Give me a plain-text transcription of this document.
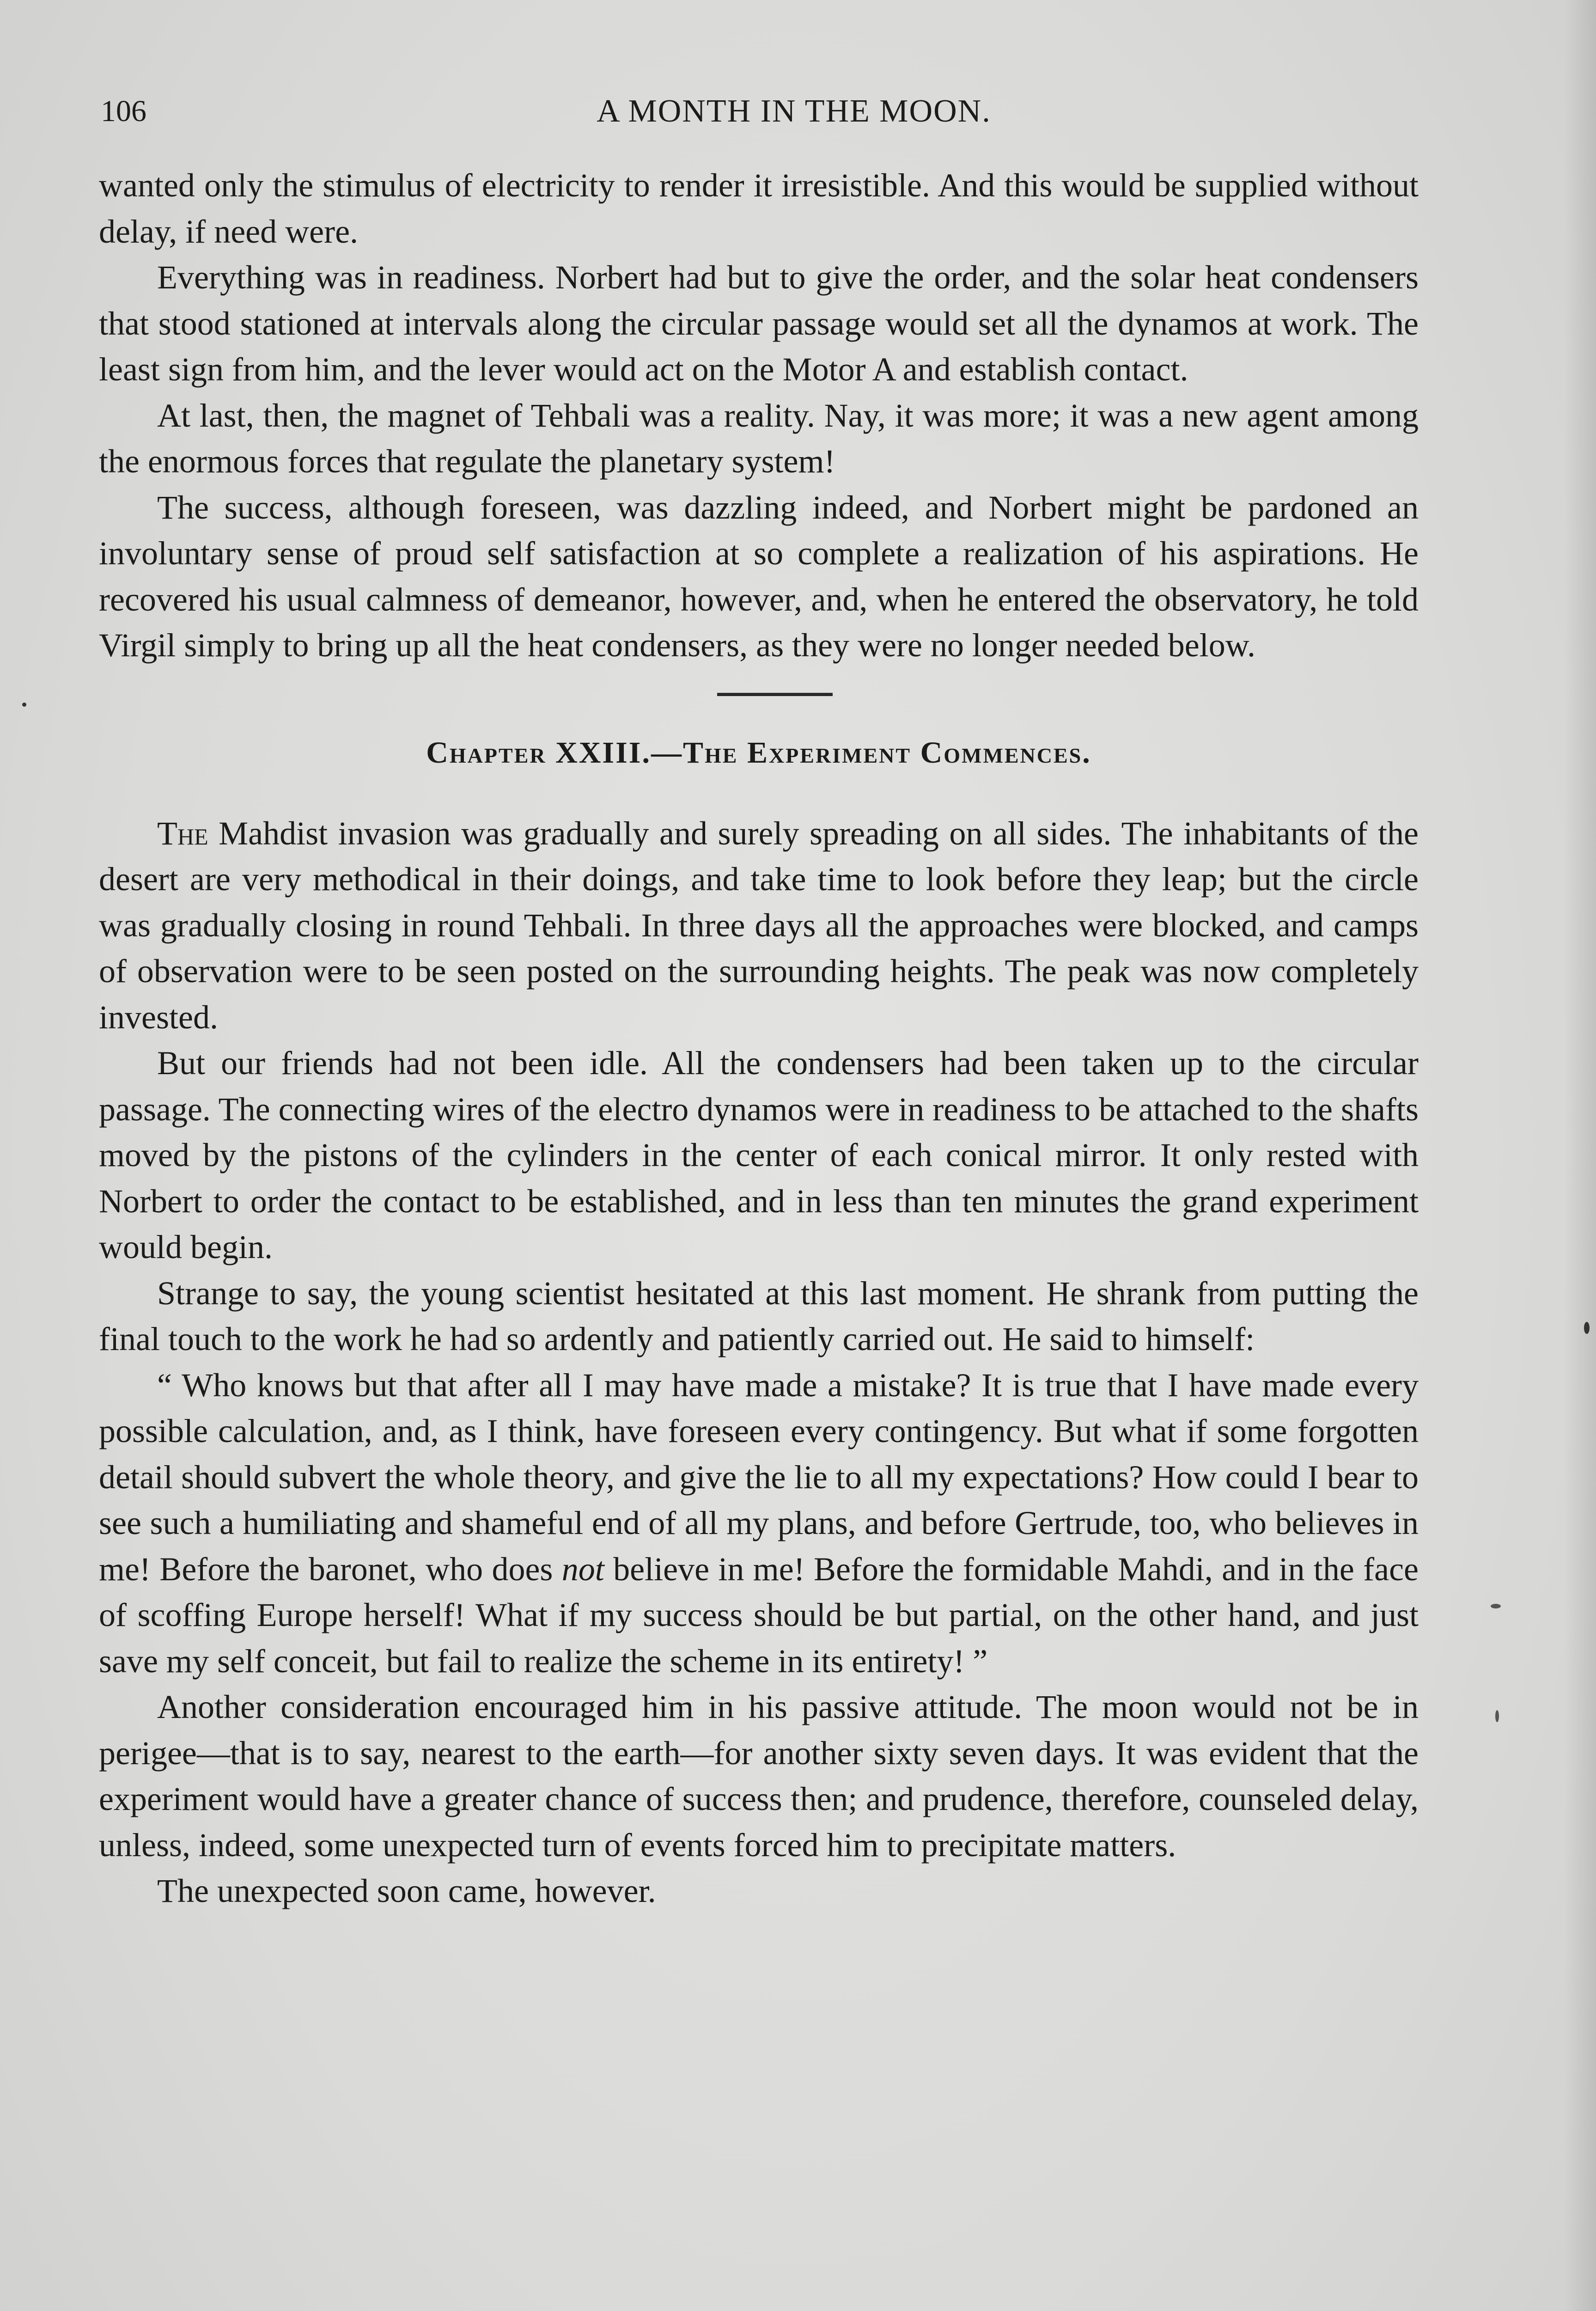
106	A MONTH IN THE MOON.

wanted only the stimulus of electricity to render it irresistible. And this would be supplied without delay, if need were.

Everything was in readiness. Norbert had but to give the order, and the solar heat condensers that stood stationed at intervals along the circular passage would set all the dynamos at work. The least sign from him, and the lever would act on the Motor A and establish contact.

At last, then, the magnet of Tehbali was a reality. Nay, it was more; it was a new agent among the enormous forces that regulate the planetary system!

The success, although foreseen, was dazzling indeed, and Norbert might be pardoned an involuntary sense of proud self satisfaction at so complete a realization of his aspirations. He recovered his usual calmness of demeanor, however, and, when he entered the observatory, he told Virgil simply to bring up all the heat condensers, as they were no longer needed below.

Chapter XXIII.—The Experiment Commences.

The Mahdist invasion was gradually and surely spreading on all sides. The inhabitants of the desert are very methodical in their doings, and take time to look before they leap; but the circle was gradually closing in round Tehbali. In three days all the approaches were blocked, and camps of observation were to be seen posted on the surrounding heights. The peak was now completely invested.

But our friends had not been idle. All the condensers had been taken up to the circular passage. The connecting wires of the electro dynamos were in readiness to be attached to the shafts moved by the pistons of the cylinders in the center of each conical mirror. It only rested with Norbert to order the contact to be established, and in less than ten minutes the grand experiment would begin.

Strange to say, the young scientist hesitated at this last moment. He shrank from putting the final touch to the work he had so ardently and patiently carried out. He said to himself:

“ Who knows but that after all I may have made a mistake? It is true that I have made every possible calculation, and, as I think, have foreseen every contingency. But what if some forgotten detail should subvert the whole theory, and give the lie to all my expectations? How could I bear to see such a humiliating and shameful end of all my plans, and before Gertrude, too, who believes in me! Before the baronet, who does not believe in me! Before the formidable Mahdi, and in the face of scoffing Europe herself! What if my success should be but partial, on the other hand, and just save my self conceit, but fail to realize the scheme in its entirety! ”

Another consideration encouraged him in his passive attitude. The moon would not be in perigee—that is to say, nearest to the earth—for another sixty seven days. It was evident that the experiment would have a greater chance of success then; and prudence, therefore, counseled delay, unless, indeed, some unexpected turn of events forced him to precipitate matters.

The unexpected soon came, however.
